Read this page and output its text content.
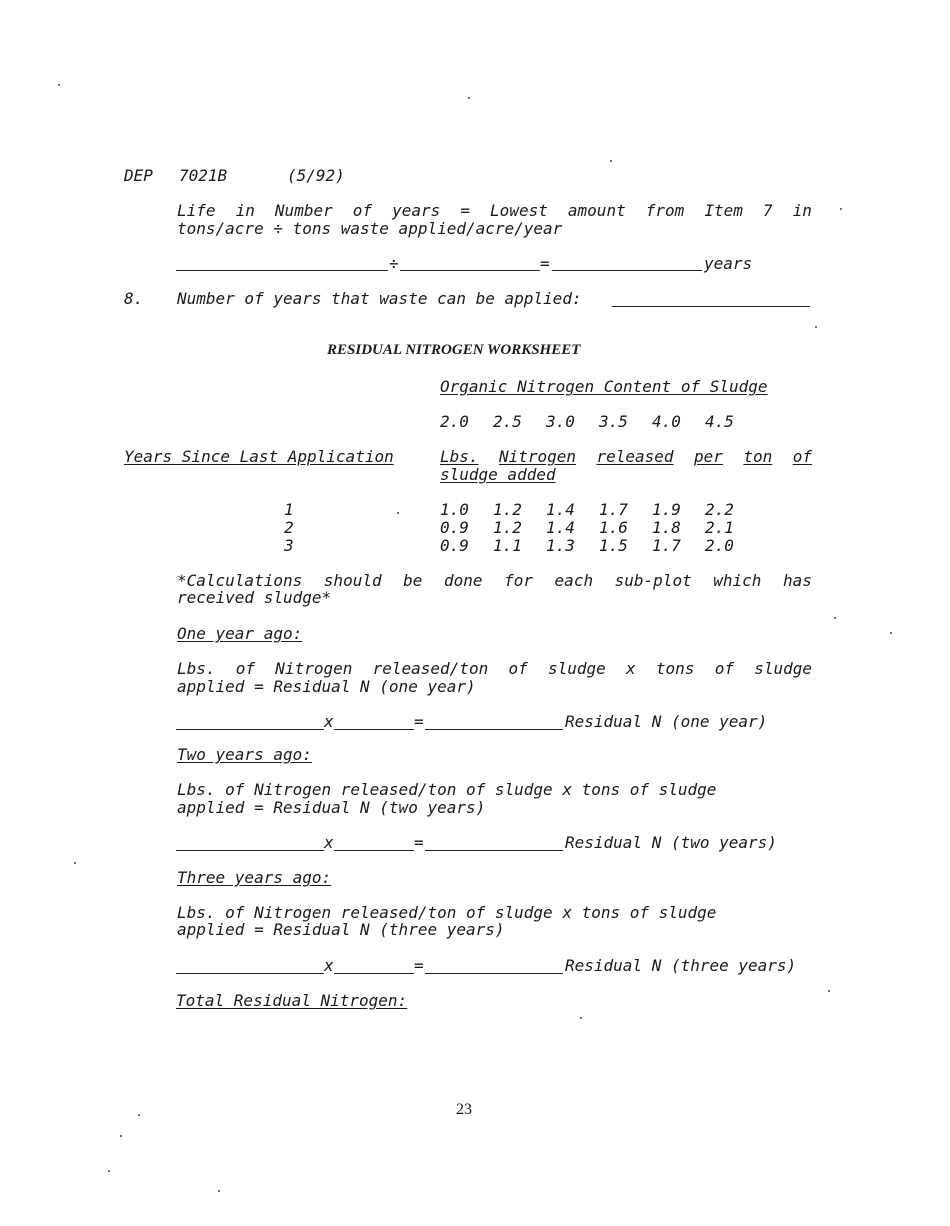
DEP 7021B	(5/92)
Life in Number of years = Lowest amount from Item 7 in
tons/acre ÷ tons waste applied/acre/year
÷	=	years
8. Number of years that waste can be applied:
RESIDUAL NITROGEN WORKSHEET
Organic Nitrogen Content of Sludge
2.0	2.5	3.0	3.5	4.0	4.5
Years Since Last Application	Lbs. Nitrogen released per ton of
sludge added
1	1.0	1.2	1.4	1.7	1.9	2.2
2	0.9	1.2	1.4	1.6	1.8	2.1
3	0.9	1.1	1.3	1.5	1.7	2.0
*Calculations should be done for each sub-plot which has
received sludge*
One year ago:
Lbs. of Nitrogen released/ton of sludge x tons of sludge
applied = Residual N (one year)
x	=	Residual N (one year)
Two years ago:
Lbs. of Nitrogen released/ton of sludge x tons of sludge
applied = Residual N (two years)
x	=	Residual N (two years)
Three years ago:
Lbs. of Nitrogen released/ton of sludge x tons of sludge
applied = Residual N (three years)
x	=	Residual N (three years)
Total Residual Nitrogen:
23
